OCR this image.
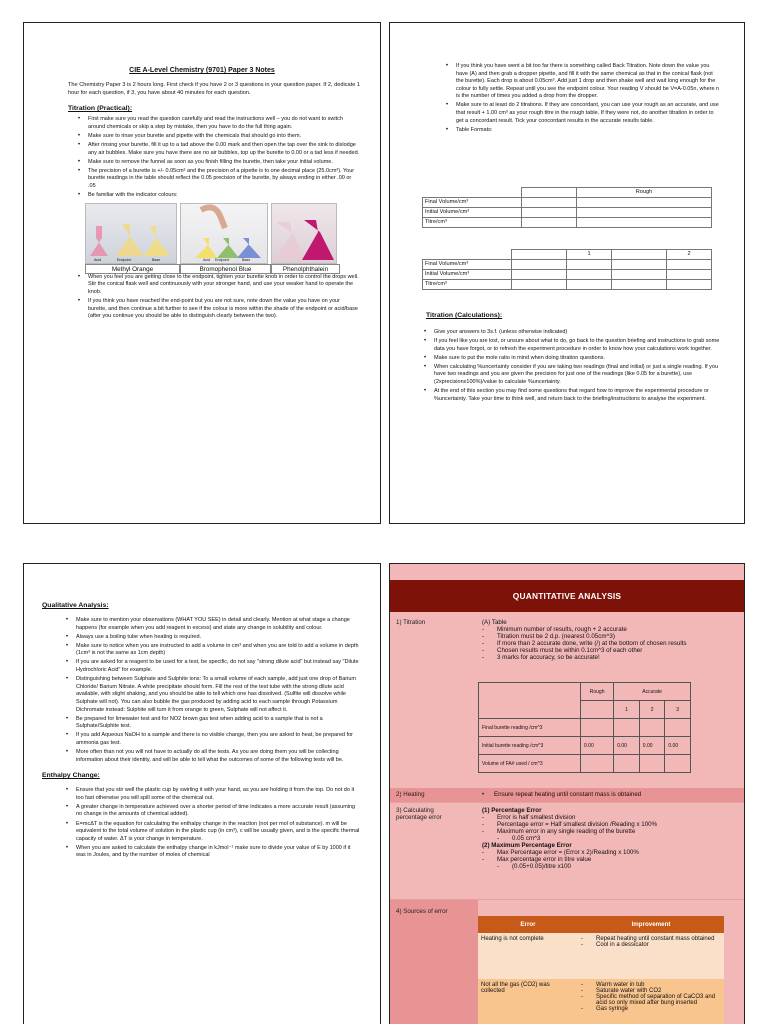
CIE A-Level Chemistry (9701) Paper 3 Notes

The Chemistry Paper 3 is 2 hours long. First check if you have 2 or 3 questions in your question paper. If 2, dedicate 1 hour for each question, if 3, you have about 40 minutes for each question.

Titration (Practical):
• First make sure you read the question carefully and read the instructions well – you do not want to switch around chemicals or skip a step by mistake, then you have to do the full thing again.
• Make sure to rinse your burette and pipette with the chemicals that should go into them.
• After rinsing your burette, fill it up to a tad above the 0.00 mark and then open the tap over the sink to dislodge any air bubbles. Make sure you have there are no air bubbles, top up the burette to 0.00 or a tad less if needed.
• Make sure to remove the funnel as soon as you finish filling the burette, then take your initial volume.
• The precision of a burette is +/- 0.05cm³ and the precision of a pipette is to one decimal place (25.0cm³). Your burette readings in the table should reflect the 0.05 precision of the burette, by always ending in either .00 or .05
• Be familiar with the indicator colours:
Acid	Endpoint	Base	Acid Endpoint	Base
Methyl Orange	Bromophenol Blue	Phenolphthalein
• When you feel you are getting close to the endpoint, tighten your burette knob in order to control the drops well. Stir the conical flask well and continuously with your stronger hand, and use your weaker hand to operate the knob.
• If you think you have reached the end-point but you are not sure, note down the value you have on your burette, and then continue a bit further to see if the colour is more within the shade of the endpoint or acid/base (after you continue you should be able to distinguish clearly between the two).
• If you think you have went a bit too far there is something called Back Titration. Note down the value you have (A) and then grab a dropper pipette, and fill it with the same chemical as that in the conical flask (not the burette). Each drop is about 0.05cm³. Add just 1 drop and then shake well and wait long enough for the colour to fully settle. Repeat until you see the endpoint colour. Your reading V should be V=A-0.05n, where n is the number of times you added a drop from the dropper.
• Make sure to at least do 2 titrations. If they are concordant, you can use your rough as an accurate, and use that result + 1.00 cm³ as your rough titre in the rough table. If they were not, do another titration in order to get a concordant result. Tick your concordant results in the accurate results table.
• Table Formats:
		Rough
Final Volume/cm³		
Initial Volume/cm³		
Titre/cm³		
		1		2
Final Volume/cm³				
Initial Volume/cm³				
Titre/cm³				
Titration (Calculations):
• Give your answers to 3s.f. (unless otherwise indicated)
• If you feel like you are lost, or unsure about what to do, go back to the question briefing and instructions to grab some data you have forgot, or to refresh the experiment procedure in order to know how your calculations work together.
• Make sure to put the mole ratio in mind when doing titration questions.
• When calculating %uncertainty consider if you are taking two readings (final and initial) or just a single reading. If you have two readings and you are given the precision for just one of the readings (like 0.05 for a burette), use (2xprecisionx100%)/value to calculate %uncertainty.
• At the end of this section you may find some questions that regard how to improve the experimental procedure or %uncertainty. Take your time to think well, and return back to the briefing/instructions to analyse the experiment.
Qualitative Analysis:
• Make sure to mention your observations (WHAT YOU SEE) in detail and clearly. Mention at what stage a change happens (for example when you add reagent in excess) and state any change in solubility and colour.
• Always use a boiling tube when heating is required.
• Make sure to notice when you are instructed to add a volume in cm³ and when you are told to add a volume in depth (1cm³ is not the same as 1cm depth)
• If you are asked for a reagent to be used for a test, be specific, do not say "strong dilute acid" but instead say "Dilute Hydrochloric Acid" for example.
• Distinguishing between Sulphate and Sulphite ions: To a small volume of each sample, add just one drop of Barium Chloride/ Barium Nitrate. A white precipitate should form. Fill the rest of the test tube with the strong dilute acid available, with slight shaking, and you should be able to tell which one has dissolved. (Sulfite will dissolve while Sulphate will not). You can also bubble the gas produced by adding acid to each sample through Potassium Dichromate instead: Sulphite will turn it from orange to green, Sulphate will not affect it.
• Be prepared for limewater test and for NO2 brown gas test when adding acid to a sample that is not a Sulphate/Sulphite test.
• If you add Aqueous NaOH to a sample and there is no visible change, then you are asked to heat, be prepared for ammonia gas test.
• More often than not you will not have to actually do all the tests. As you are doing them you will be collecting information about their identity, and will be able to tell what the outcomes of some of the following tests will be.
Enthalpy Change:
• Ensure that you stir well the plastic cup by swirling it with your hand, as you are holding it from the top. Do not do it too fast otherwise you will spill some of the chemical out.
• A greater change in temperature achieved over a shorter period of time indicates a more accurate result (assuming no change in the amounts of chemical added).
• E=mcΔT is the equation for calculating the enthalpy change in the reaction (not per mol of substance). m will be equivalent to the total volume of solution in the plastic cup (in cm³), c will be usually given, and is the specific thermal capacity of water. ΔT is your change in temperature.
• When you are asked to calculate the enthalpy change in kJmol⁻¹ make sure to divide your value of E by 1000 if it was in Joules, and by the number of moles of chemical
QUANTITATIVE ANALYSIS
1) Titration	(A) Table
- Minimum number of results, rough + 2 accurate
- Titration must be 2 d.p. (nearest 0.05cm^3)
- If more than 2 accurate done, write (/) at the bottom of chosen results
- Chosen results must be within 0.1cm^3 of each other
- 3 marks for accuracy, so be accurate!
	Rough	Accurate		
		1	2	3
Final burette reading /cm^3				
Initial burette reading /cm^3	0.00	0.00	0.00	0.00
Volume of FA# used / cm^3				
2) Heating	• Ensure repeat heating until constant mass is obtained
3) Calculating percentage error
(1) Percentage Error
- Error is half smallest division
- Percentage error = Half smallest division /Reading x 100%
- Maximum error in any single reading of the burette
- 0.05 cm^3
(2) Maximum Percentage Error
- Max Percentage error = (Error x 2)/Reading x 100%
- Max percentage error in titre value
- (0.05+0.05)/titre x100
4) Sources of error
Error	Improvement
Heating is not complete	- Repeat heating until constant mass obtained
- Cool in a dessicator

Not all the gas (CO2) was collected	- Warm water in tub
- Saturate water with CO2
- Specific method of separation of CaCO3 and acid so only mixed after bung inserted
- Gas syringe
